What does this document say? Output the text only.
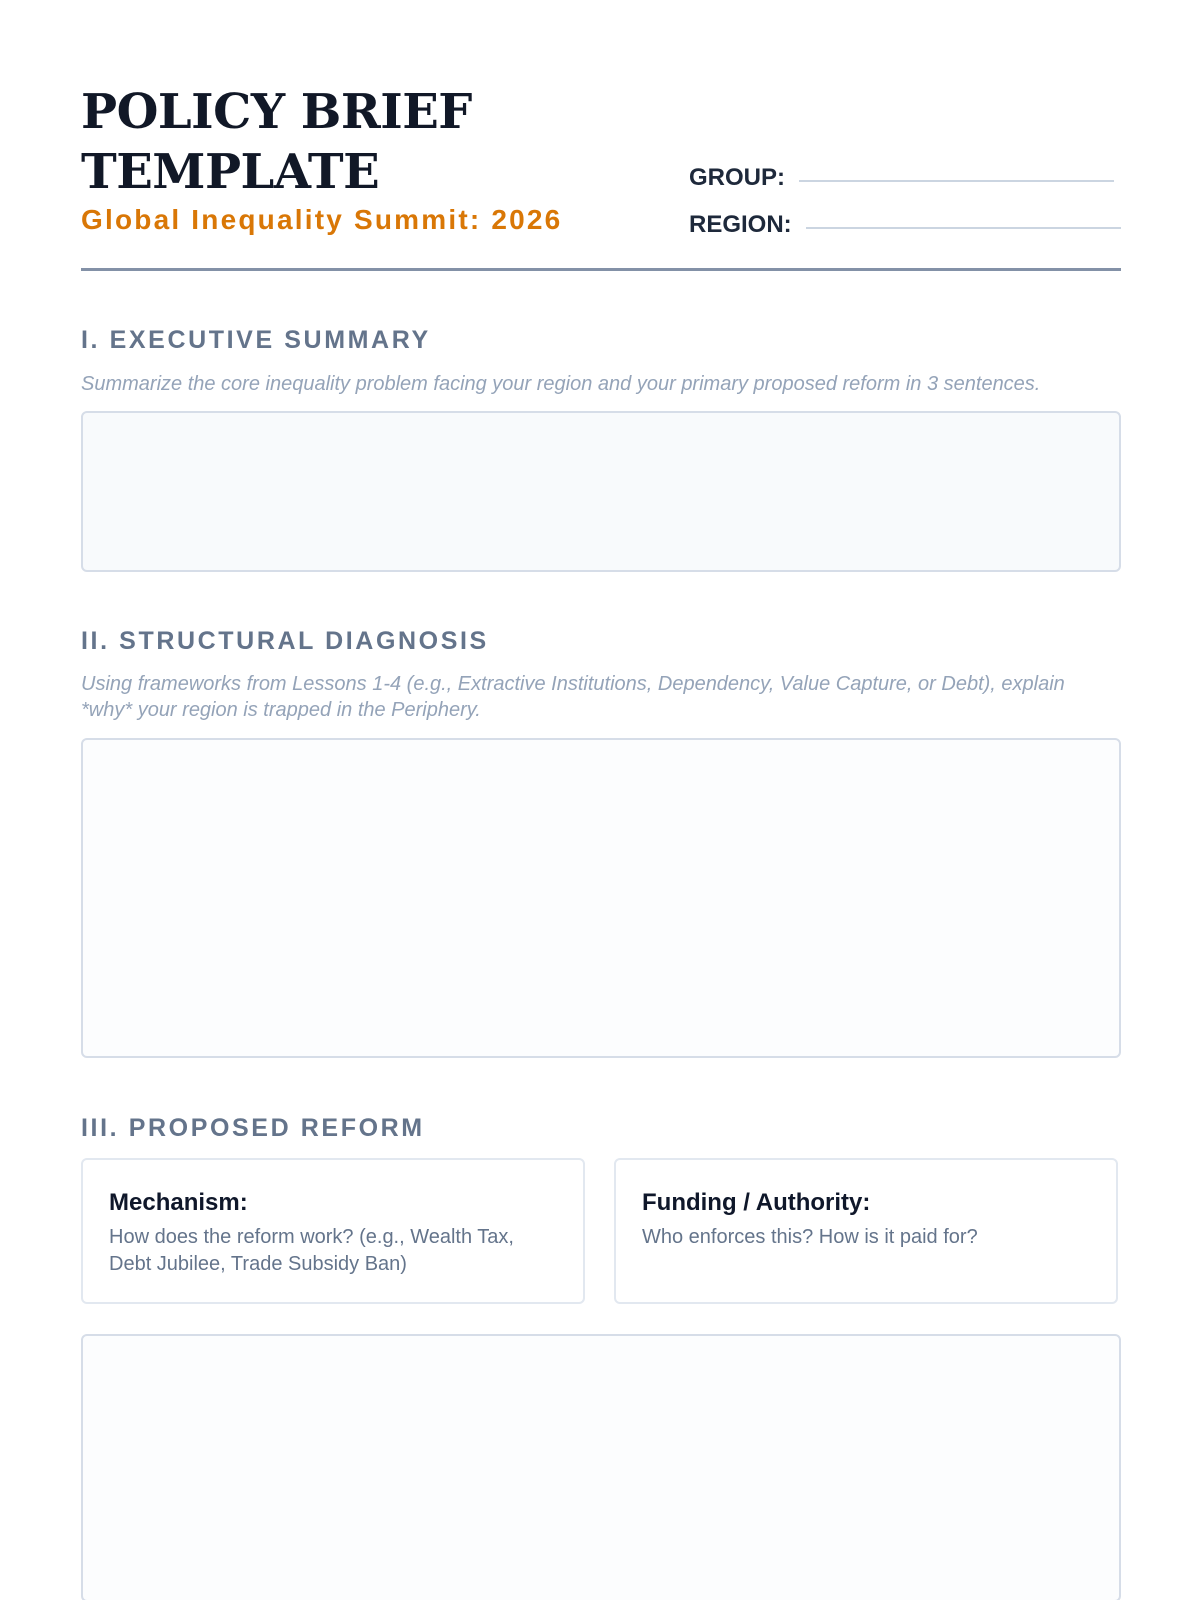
POLICY BRIEF TEMPLATE
Global Inequality Summit: 2026
GROUP:
REGION:
I. EXECUTIVE SUMMARY

Summarize the core inequality problem facing your region and your primary proposed reform in 3 sentences.

II. STRUCTURAL DIAGNOSIS

Using frameworks from Lessons 1-4 (e.g., Extractive Institutions, Dependency, Value Capture, or Debt), explain *why* your region is trapped in the Periphery.

III. PROPOSED REFORM
Mechanism:
How does the reform work? (e.g., Wealth Tax, Debt Jubilee, Trade Subsidy Ban)
Funding / Authority:
Who enforces this? How is it paid for?
